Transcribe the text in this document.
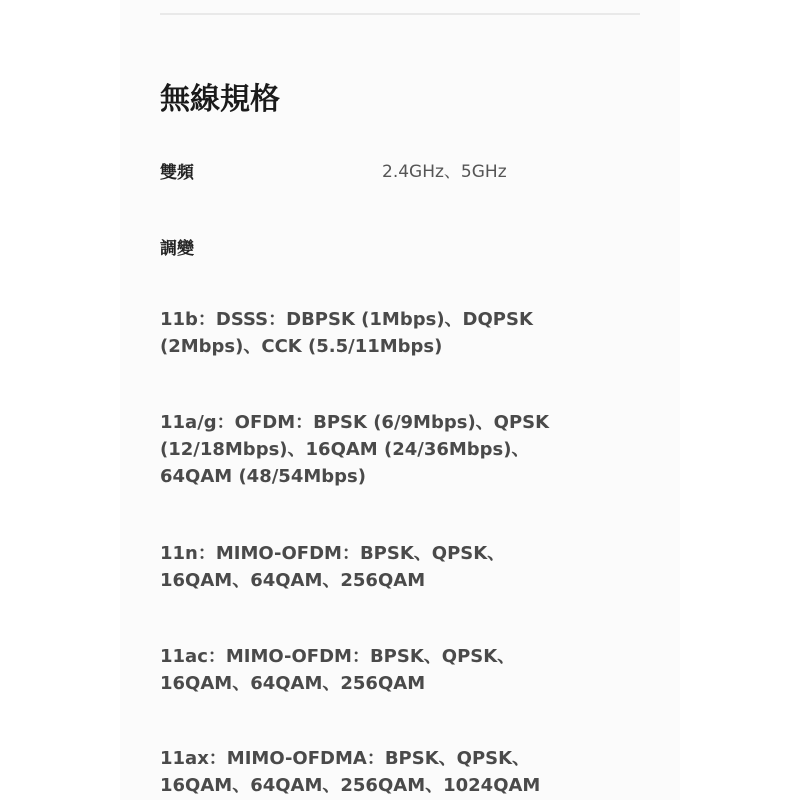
無線規格
雙頻	2.4GHz、5GHz
調變
11b：DSSS：DBPSK (1Mbps)、DQPSK (2Mbps)、CCK (5.5/11Mbps)
11a/g：OFDM：BPSK (6/9Mbps)、QPSK (12/18Mbps)、16QAM (24/36Mbps)、64QAM (48/54Mbps)
11n：MIMO-OFDM：BPSK、QPSK、16QAM、64QAM、256QAM
11ac：MIMO-OFDM：BPSK、QPSK、16QAM、64QAM、256QAM
11ax：MIMO-OFDMA：BPSK、QPSK、16QAM、64QAM、256QAM、1024QAM
